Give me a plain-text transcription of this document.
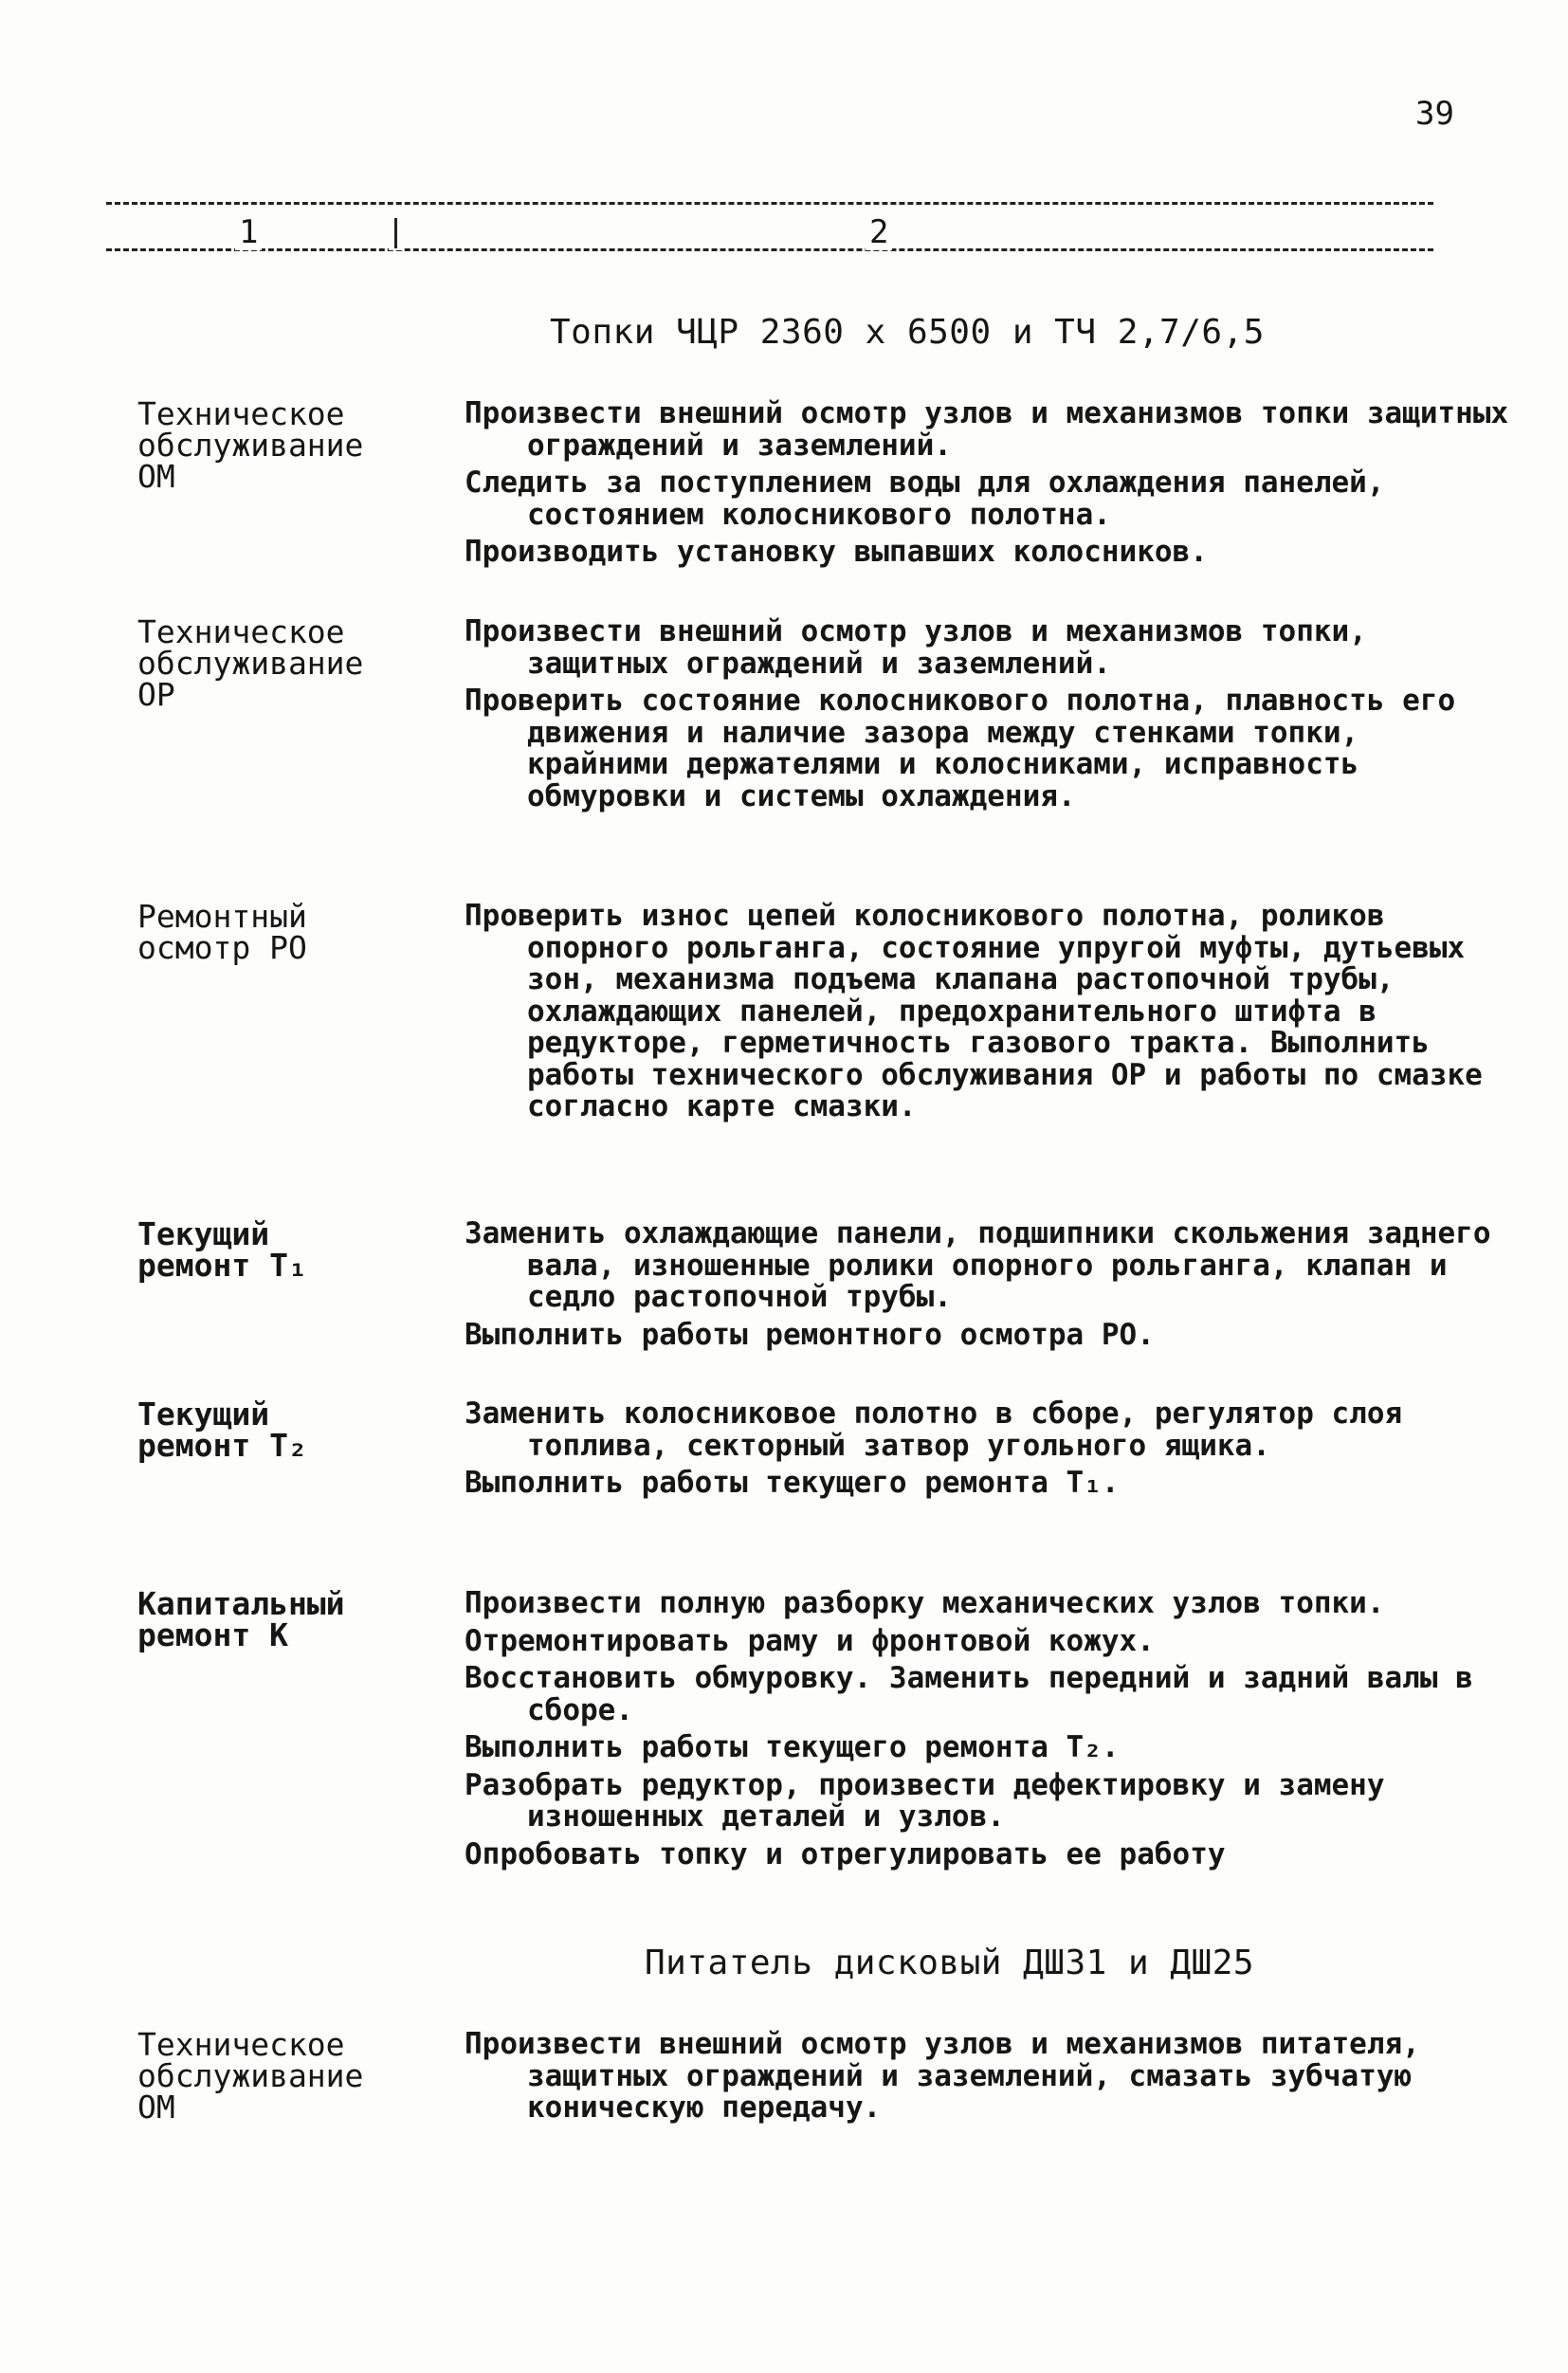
39
1	2
Топки ЧЦР 2360 х 6500 и ТЧ 2,7/6,5
Техническое
обслуживание
ОМ

Произвести внешний осмотр узлов и механизмов топки защитных ограждений и заземлений.

Следить за поступлением воды для охлаждения панелей, состоянием колосникового полотна.

Производить установку выпавших колосников.

Техническое
обслуживание
ОР

Произвести внешний осмотр узлов и механизмов топки, защитных ограждений и заземлений.

Проверить состояние колосникового полотна, плавность его движения и наличие зазора между стенками топки, крайними держателями и колосниками, исправность обмуровки и системы охлаждения.

Ремонтный
осмотр РО

Проверить износ цепей колосникового полотна, роликов опорного рольганга, состояние упругой муфты, дутьевых зон, механизма подъема клапана растопочной трубы, охлаждающих панелей, предохранительного штифта в редукторе, герметичность газового тракта. Выполнить работы технического обслуживания ОР и работы по смазке согласно карте смазки.

Текущий
ремонт Т₁

Заменить охлаждающие панели, подшипники скольжения заднего вала, изношенные ролики опорного рольганга, клапан и седло растопочной трубы.

Выполнить работы ремонтного осмотра РО.

Текущий
ремонт Т₂

Заменить колосниковое полотно в сборе, регулятор слоя топлива, секторный затвор угольного ящика.

Выполнить работы текущего ремонта Т₁.

Капитальный
ремонт К

Произвести полную разборку механических узлов топки.

Отремонтировать раму и фронтовой кожух.

Восстановить обмуровку. Заменить передний и задний валы в сборе.

Выполнить работы текущего ремонта Т₂.

Разобрать редуктор, произвести дефектировку и замену изношенных деталей и узлов.

Опробовать топку и отрегулировать ее работу

Питатель дисковый ДШ31 и ДШ25
Техническое
обслуживание
ОМ

Произвести внешний осмотр узлов и механизмов питателя, защитных ограждений и заземлений, смазать зубчатую коническую передачу.
